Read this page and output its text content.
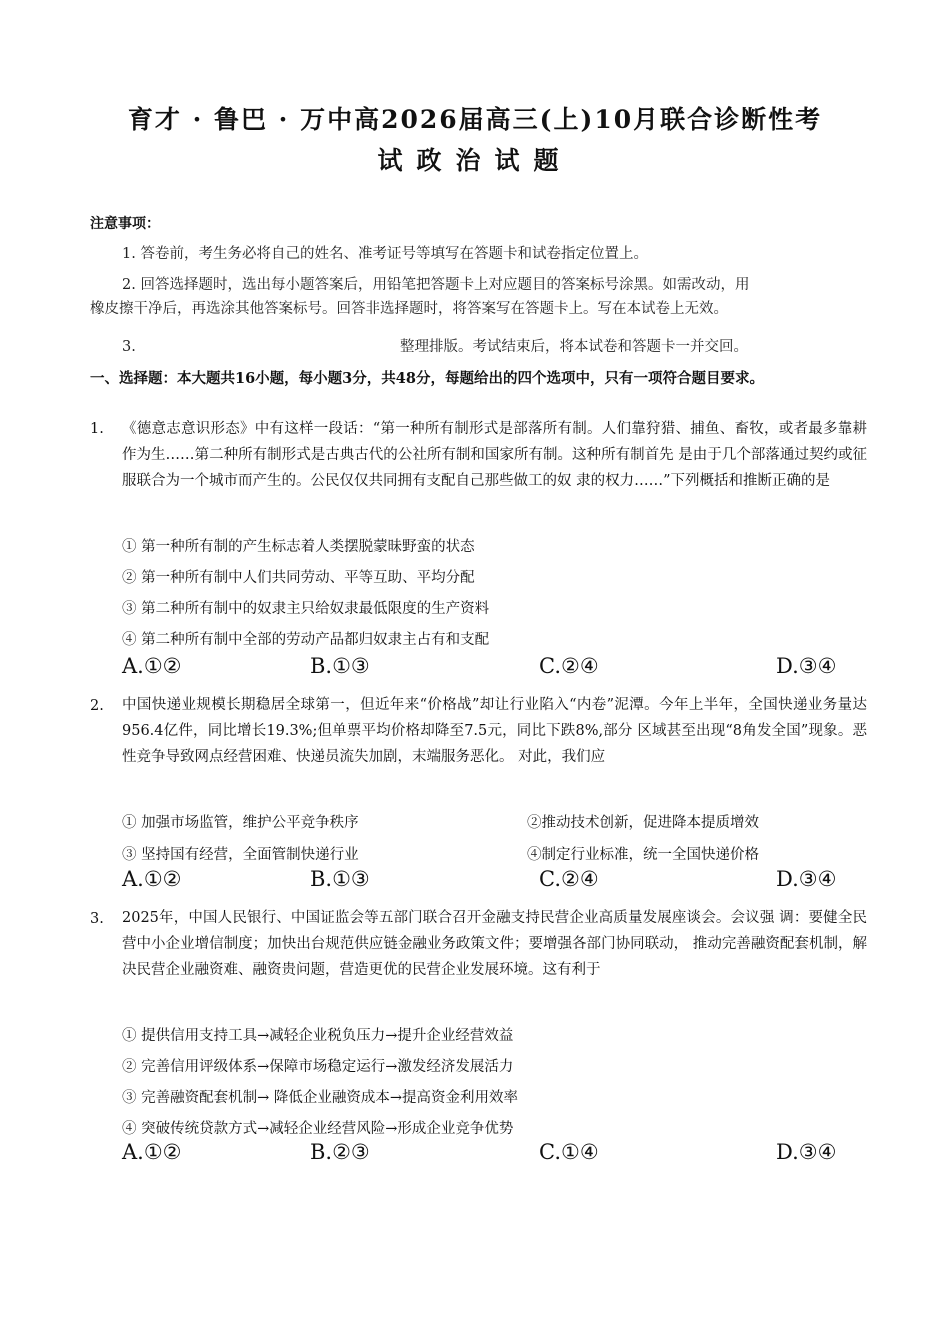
育才 · 鲁巴 · 万中高2026届高三(上)10月联合诊断性考
试政治试题
注意事项：
1. 答卷前，考生务必将自己的姓名、准考证号等填写在答题卡和试卷指定位置上。
2. 回答选择题时，选出每小题答案后，用铅笔把答题卡上对应题目的答案标号涂黑。如需改动，用
橡皮擦干净后，再选涂其他答案标号。回答非选择题时，将答案写在答题卡上。写在本试卷上无效。
3.	整理排版。考试结束后，将本试卷和答题卡一并交回。
一、选择题：本大题共16小题，每小题3分，共48分，每题给出的四个选项中，只有一项符合题目要求。
1. 《德意志意识形态》中有这样一段话：“第一种所有制形式是部落所有制。人们靠狩猎、捕鱼、畜牧，或者最多靠耕作为生……第二种所有制形式是古典古代的公社所有制和国家所有制。这种所有制首先 是由于几个部落通过契约或征服联合为一个城市而产生的。公民仅仅共同拥有支配自己那些做工的奴 隶的权力……”下列概括和推断正确的是
① 第一种所有制的产生标志着人类摆脱蒙昧野蛮的状态
② 第一种所有制中人们共同劳动、平等互助、平均分配
③ 第二种所有制中的奴隶主只给奴隶最低限度的生产资料
④ 第二种所有制中全部的劳动产品都归奴隶主占有和支配
A.①②	B.①③	C.②④	D.③④
2. 中国快递业规模长期稳居全球第一，但近年来“价格战”却让行业陷入“内卷”泥潭。今年上半年，全国快递业务量达956.4亿件，同比增长19.3%;但单票平均价格却降至7.5元，同比下跌8%,部分 区域甚至出现“8角发全国”现象。恶性竞争导致网点经营困难、快递员流失加剧，末端服务恶化。 对此，我们应
① 加强市场监管，维护公平竞争秩序	②推动技术创新，促进降本提质增效
③ 坚持国有经营，全面管制快递行业	④制定行业标准，统一全国快递价格
A.①②	B.①③	C.②④	D.③④
3. 2025年，中国人民银行、中国证监会等五部门联合召开金融支持民营企业高质量发展座谈会。会议强 调：要健全民营中小企业增信制度；加快出台规范供应链金融业务政策文件；要增强各部门协同联动， 推动完善融资配套机制，解决民营企业融资难、融资贵问题，营造更优的民营企业发展环境。这有利于
① 提供信用支持工具→减轻企业税负压力→提升企业经营效益
② 完善信用评级体系→保障市场稳定运行→激发经济发展活力
③ 完善融资配套机制→ 降低企业融资成本→提高资金利用效率
④ 突破传统贷款方式→减轻企业经营风险→形成企业竞争优势
A.①②	B.②③	C.①④	D.③④
